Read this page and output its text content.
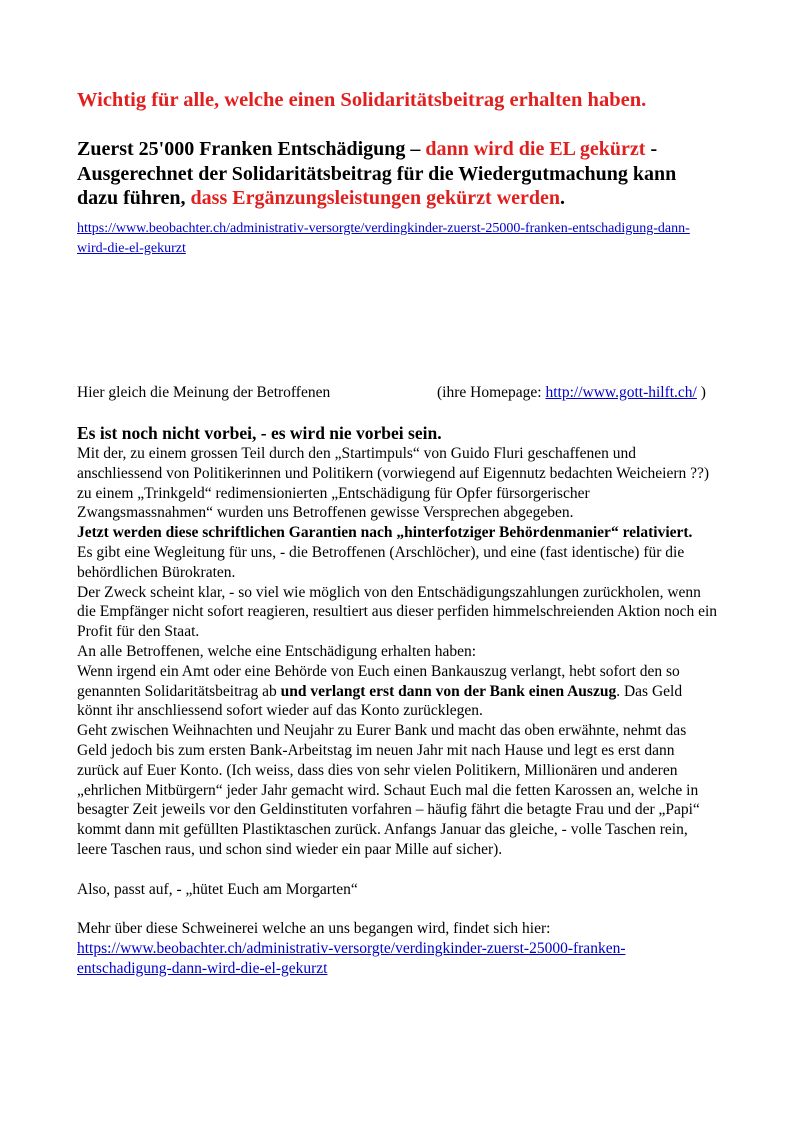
Wichtig für alle, welche einen Solidaritätsbeitrag erhalten haben.
Zuerst 25'000 Franken Entschädigung – dann wird die EL gekürzt - Ausgerechnet der Solidaritätsbeitrag für die Wiedergutmachung kann dazu führen, dass Ergänzungsleistungen gekürzt werden.
https://www.beobachter.ch/administrativ-versorgte/verdingkinder-zuerst-25000-franken-entschadigung-dann-wird-die-el-gekurzt
Hier gleich die Meinung der Betroffenen	(ihre Homepage: http://www.gott-hilft.ch/ )
Es ist noch nicht vorbei, - es wird nie vorbei sein.

Mit der, zu einem grossen Teil durch den „Startimpuls“ von Guido Fluri geschaffenen und anschliessend von Politikerinnen und Politikern (vorwiegend auf Eigennutz bedachten Weicheiern ??) zu einem „Trinkgeld“ redimensionierten „Entschädigung für Opfer fürsorgerischer Zwangsmassnahmen“ wurden uns Betroffenen gewisse Versprechen abgegeben.

Jetzt werden diese schriftlichen Garantien nach „hinterfotziger Behördenmanier“ relativiert.

Es gibt eine Wegleitung für uns, - die Betroffenen (Arschlöcher), und eine (fast identische) für die behördlichen Bürokraten.

Der Zweck scheint klar, - so viel wie möglich von den Entschädigungszahlungen zurückholen, wenn die Empfänger nicht sofort reagieren, resultiert aus dieser perfiden himmelschreienden Aktion noch ein Profit für den Staat.

An alle Betroffenen, welche eine Entschädigung erhalten haben:

Wenn irgend ein Amt oder eine Behörde von Euch einen Bankauszug verlangt, hebt sofort den so genannten Solidaritätsbeitrag ab und verlangt erst dann von der Bank einen Auszug. Das Geld könnt ihr anschliessend sofort wieder auf das Konto zurücklegen.

Geht zwischen Weihnachten und Neujahr zu Eurer Bank und macht das oben erwähnte, nehmt das Geld jedoch bis zum ersten Bank-Arbeitstag im neuen Jahr mit nach Hause und legt es erst dann zurück auf Euer Konto. (Ich weiss, dass dies von sehr vielen Politikern, Millionären und anderen „ehrlichen Mitbürgern“ jeder Jahr gemacht wird. Schaut Euch mal die fetten Karossen an, welche in besagter Zeit jeweils vor den Geldinstituten vorfahren – häufig fährt die betagte Frau und der „Papi“ kommt dann mit gefüllten Plastiktaschen zurück. Anfangs Januar das gleiche, - volle Taschen rein, leere Taschen raus, und schon sind wieder ein paar Mille auf sicher).

Also, passt auf, - „hütet Euch am Morgarten“

Mehr über diese Schweinerei welche an uns begangen wird, findet sich hier:

https://www.beobachter.ch/administrativ-versorgte/verdingkinder-zuerst-25000-franken-entschadigung-dann-wird-die-el-gekurzt
